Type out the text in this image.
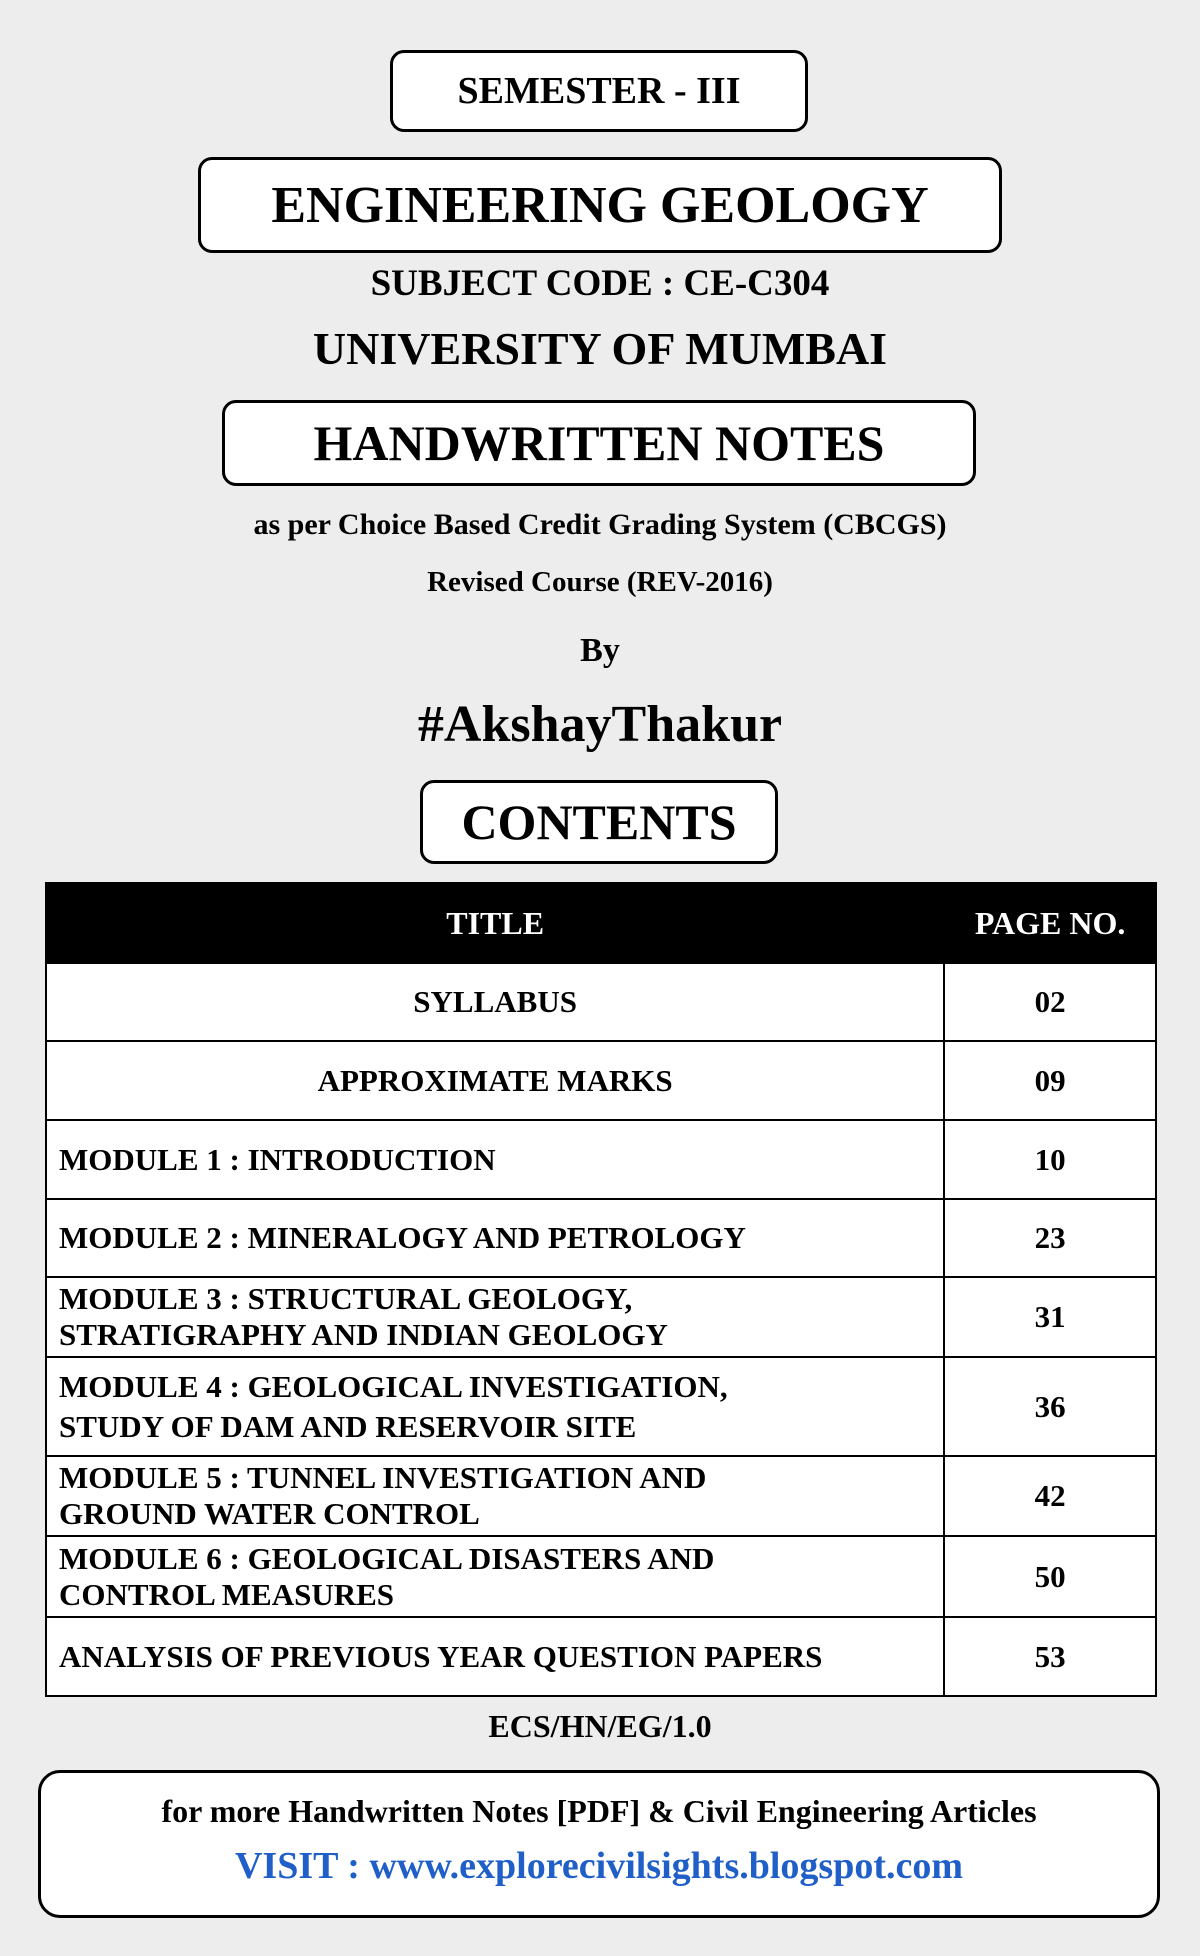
SEMESTER - III
ENGINEERING GEOLOGY
SUBJECT CODE : CE-C304
UNIVERSITY OF MUMBAI
HANDWRITTEN NOTES
as per Choice Based Credit Grading System (CBCGS)
Revised Course (REV-2016)
By
#AkshayThakur
CONTENTS
TITLE	PAGE NO.
SYLLABUS	02
APPROXIMATE MARKS	09
MODULE 1 : INTRODUCTION	10
MODULE 2 : MINERALOGY AND PETROLOGY	23

MODULE 3 : STRUCTURAL GEOLOGY,
STRATIGRAPHY AND INDIAN GEOLOGY	31

MODULE 4 : GEOLOGICAL INVESTIGATION,
STUDY OF DAM AND RESERVOIR SITE	36

MODULE 5 : TUNNEL INVESTIGATION AND
GROUND WATER CONTROL	42

MODULE 6 : GEOLOGICAL DISASTERS AND
CONTROL MEASURES	50
ANALYSIS OF PREVIOUS YEAR QUESTION PAPERS	53
ECS/HN/EG/1.0
for more Handwritten Notes [PDF] & Civil Engineering Articles
VISIT : www.explorecivilsights.blogspot.com
